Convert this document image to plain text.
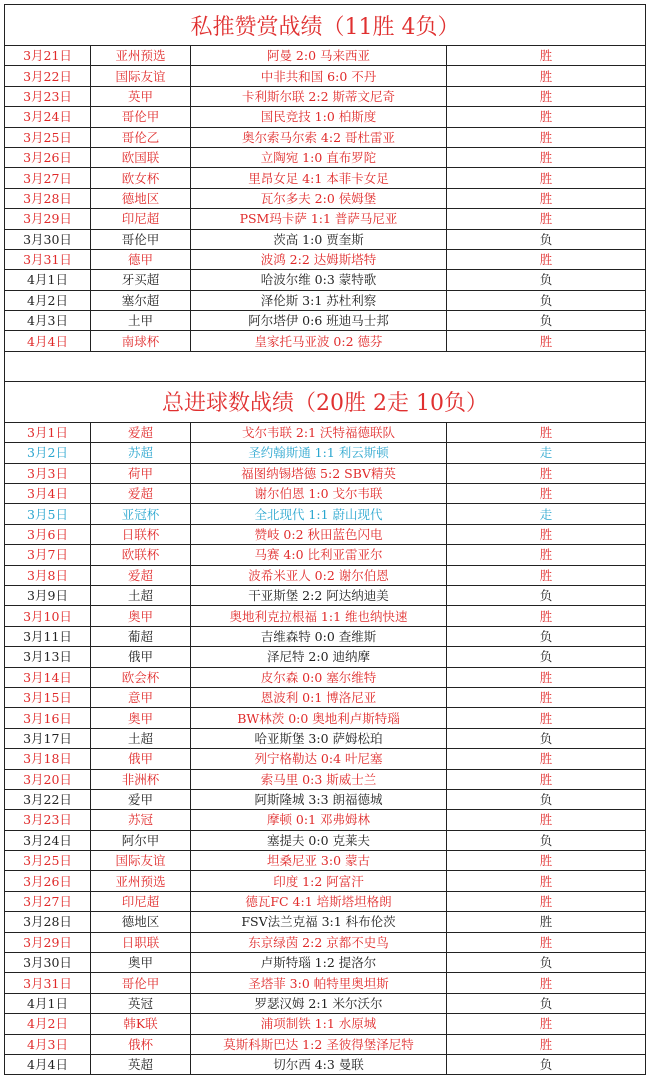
私推赞赏战绩（11胜 4负）			
3月21日	亚州预选	阿曼 2:0 马来西亚	胜
3月22日	国际友谊	中非共和国 6:0 不丹	胜
3月23日	英甲	卡利斯尔联 2:2 斯蒂文尼奇	胜
3月24日	哥伦甲	国民竞技 1:0 柏斯度	胜
3月25日	哥伦乙	奥尔索马尔索 4:2 哥杜雷亚	胜
3月26日	欧国联	立陶宛 1:0 直布罗陀	胜
3月27日	欧女杯	里昂女足 4:1 本菲卡女足	胜
3月28日	德地区	瓦尔多夫 2:0 侯姆堡	胜
3月29日	印尼超	PSM玛卡萨 1:1 普萨马尼亚	胜
3月30日	哥伦甲	茨高 1:0 贾奎斯	负
3月31日	德甲	波鸿 2:2 达姆斯塔特	胜
4月1日	牙买超	哈波尔维 0:3 蒙特歌	负
4月2日	塞尔超	泽伦斯 3:1 苏杜利察	负
4月3日	土甲	阿尔塔伊 0:6 班迪马士邦	负
4月4日	南球杯	皇家托马亚波 0:2 德芬	胜

总进球数战绩（20胜 2走 10负）			
3月1日	爱超	戈尔韦联 2:1 沃特福德联队	胜
3月2日	苏超	圣约翰斯通 1:1 利云斯顿	走
3月3日	荷甲	福图纳锡塔德 5:2 SBV精英	胜
3月4日	爱超	谢尔伯恩 1:0 戈尔韦联	胜
3月5日	亚冠杯	全北现代 1:1 蔚山现代	走
3月6日	日联杯	赞岐 0:2 秋田蓝色闪电	胜
3月7日	欧联杯	马赛 4:0 比利亚雷亚尔	胜
3月8日	爱超	波希米亚人 0:2 谢尔伯恩	胜
3月9日	土超	干亚斯堡 2:2 阿达纳迪美	负
3月10日	奥甲	奥地利克拉根福 1:1 维也纳快速	胜
3月11日	葡超	吉维森特 0:0 查维斯	负
3月13日	俄甲	泽尼特 2:0 迪纳摩	负
3月14日	欧会杯	皮尔森 0:0 塞尔维特	胜
3月15日	意甲	恩波利 0:1 博洛尼亚	胜
3月16日	奥甲	BW林茨 0:0 奥地利卢斯特瑙	胜
3月17日	土超	哈亚斯堡 3:0 萨姆松珀	负
3月18日	俄甲	列宁格勒达 0:4 叶尼塞	胜
3月20日	非洲杯	索马里 0:3 斯威士兰	胜
3月22日	爱甲	阿斯隆城 3:3 朗福德城	负
3月23日	苏冠	摩顿 0:1 邓弗姆林	胜
3月24日	阿尔甲	塞提夫 0:0 克莱夫	负
3月25日	国际友谊	坦桑尼亚 3:0 蒙古	胜
3月26日	亚州预选	印度 1:2 阿富汗	胜
3月27日	印尼超	德瓦FC 4:1 培斯塔坦格朗	胜
3月28日	德地区	FSV法兰克福 3:1 科布伦茨	胜
3月29日	日职联	东京绿茵 2:2 京都不史鸟	胜
3月30日	奥甲	卢斯特瑙 1:2 提洛尔	负
3月31日	哥伦甲	圣塔菲 3:0 帕特里奥坦斯	胜
4月1日	英冠	罗瑟汉姆 2:1 米尔沃尔	负
4月2日	韩K联	浦项制铁 1:1 水原城	胜
4月3日	俄杯	莫斯科斯巴达 1:2 圣彼得堡泽尼特	胜
4月4日	英超	切尔西 4:3 曼联	负
